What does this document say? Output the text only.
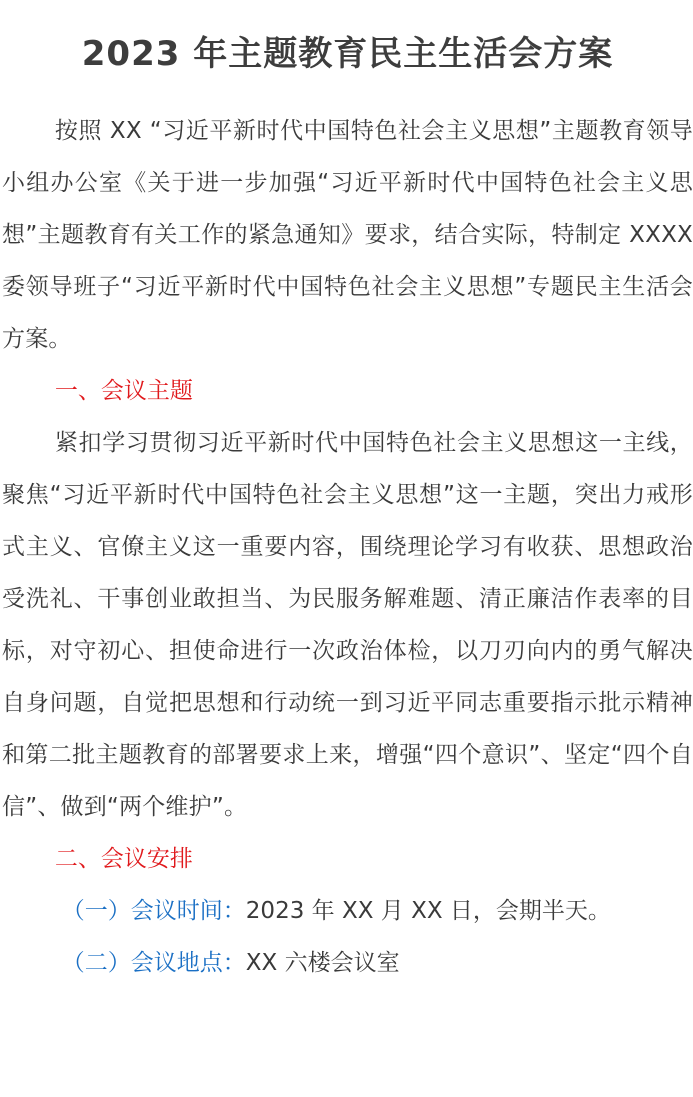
2023 年主题教育民主生活会方案

按照 XX “习近平新时代中国特色社会主义思想”主题教育领导小组办公室《关于进一步加强“习近平新时代中国特色社会主义思想”主题教育有关工作的紧急通知》要求，结合实际，特制定 XXXX 委领导班子“习近平新时代中国特色社会主义思想”专题民主生活会方案。

一、会议主题

紧扣学习贯彻习近平新时代中国特色社会主义思想这一主线，聚焦“习近平新时代中国特色社会主义思想”这一主题，突出力戒形式主义、官僚主义这一重要内容，围绕理论学习有收获、思想政治受洗礼、干事创业敢担当、为民服务解难题、清正廉洁作表率的目标，对守初心、担使命进行一次政治体检，以刀刃向内的勇气解决自身问题，自觉把思想和行动统一到习近平同志重要指示批示精神和第二批主题教育的部署要求上来，增强“四个意识”、坚定“四个自信”、做到“两个维护”。

二、会议安排

（一）会议时间：2023 年 XX 月 XX 日，会期半天。

（二）会议地点：XX 六楼会议室
